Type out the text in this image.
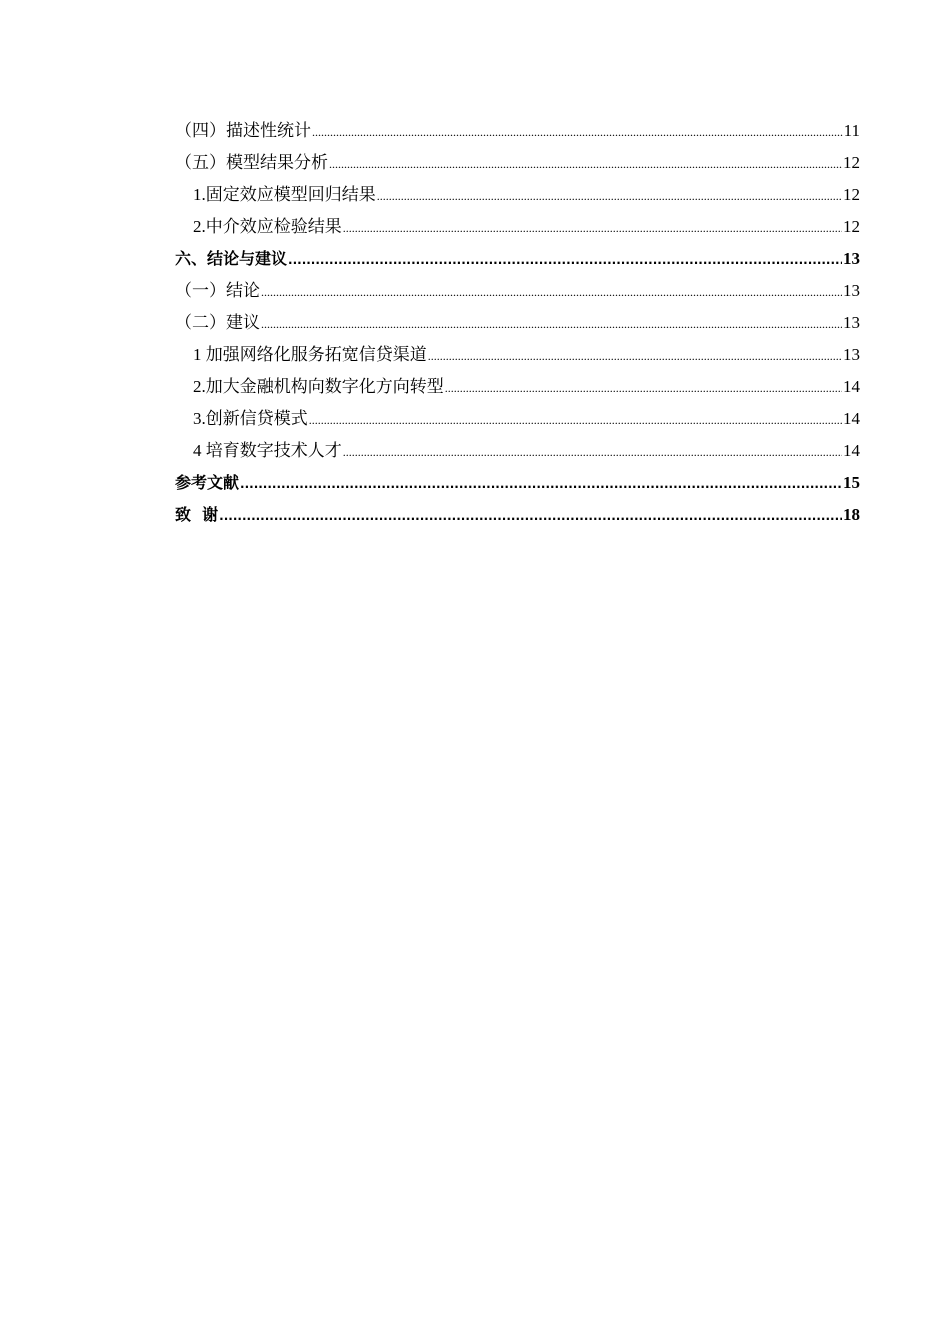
（四）描述性统计 .....	11
（五）模型结果分析 .....	12
1.固定效应模型回归结果 .....	12
2.中介效应检验结果 .....	12
六、结论与建议 .....	13
（一）结论 .....	13
（二）建议 .....	13
1 加强网络化服务拓宽信贷渠道 .....	13
2.加大金融机构向数字化方向转型 .....	14
3.创新信贷模式 .....	14
4 培育数字技术人才 .....	14
参考文献 .....	15
致  谢 .....	18
